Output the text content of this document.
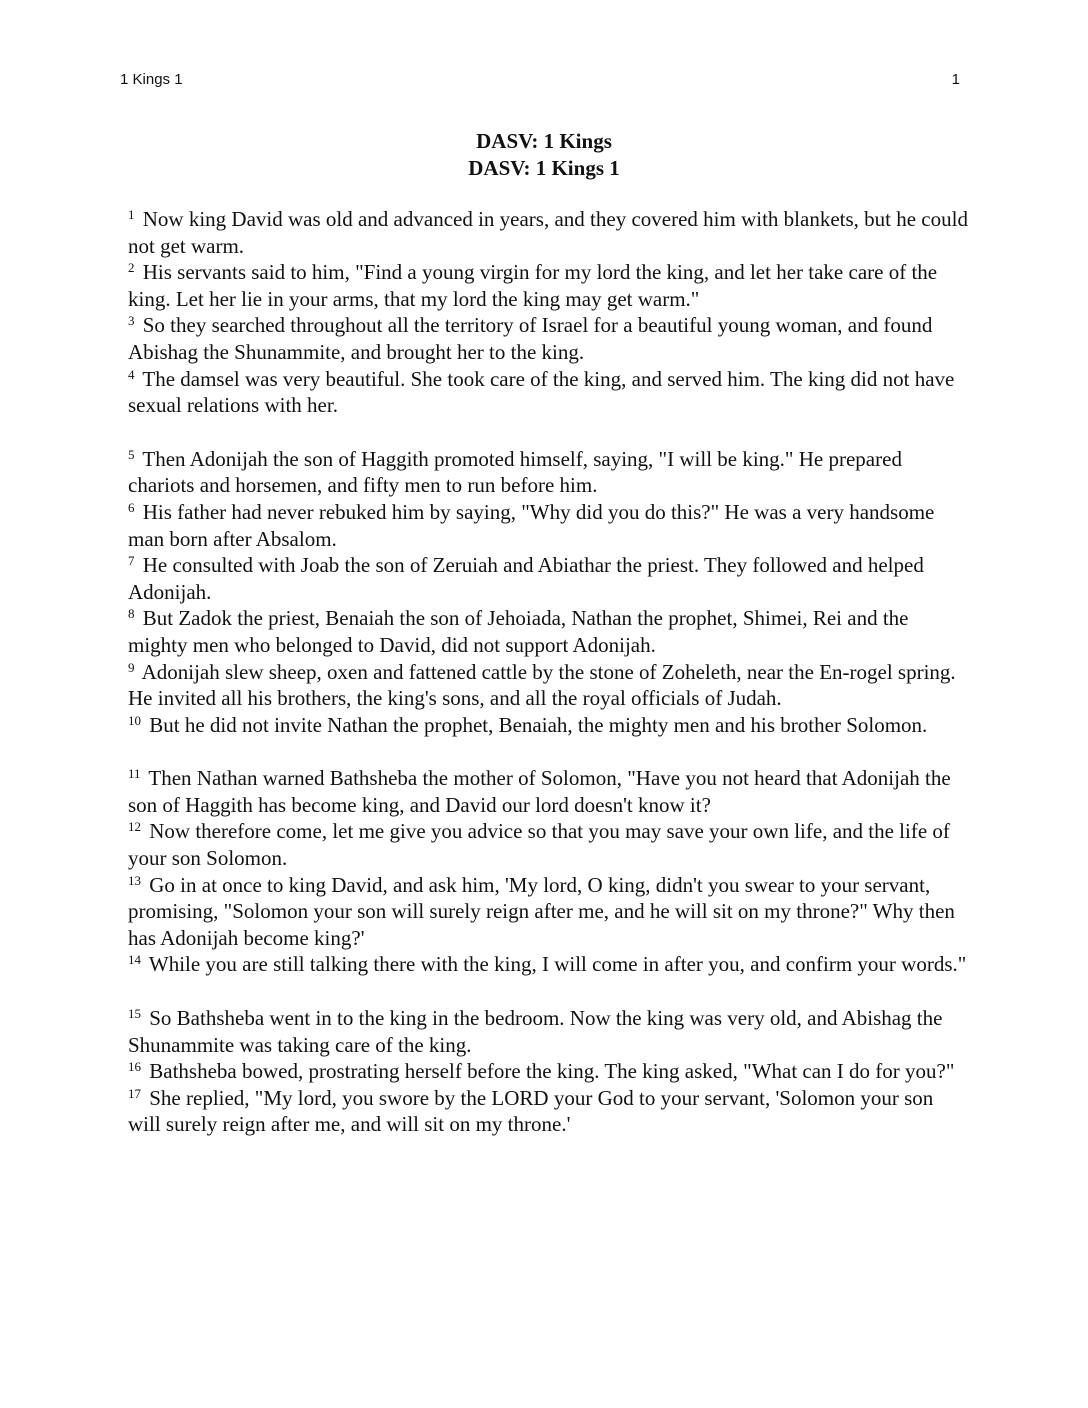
1 Kings 1	1
DASV: 1 Kings
DASV: 1 Kings 1

$^1$ Now king David was old and advanced in years, and they covered him with blankets, but he could not get warm.

$^2$ His servants said to him, "Find a young virgin for my lord the king, and let her take care of the king. Let her lie in your arms, that my lord the king may get warm."

$^3$ So they searched throughout all the territory of Israel for a beautiful young woman, and found Abishag the Shunammite, and brought her to the king.

$^4$ The damsel was very beautiful. She took care of the king, and served him. The king did not have sexual relations with her.

$^5$ Then Adonijah the son of Haggith promoted himself, saying, "I will be king." He prepared chariots and horsemen, and fifty men to run before him.

$^6$ His father had never rebuked him by saying, "Why did you do this?" He was a very handsome man born after Absalom.

$^7$ He consulted with Joab the son of Zeruiah and Abiathar the priest. They followed and helped Adonijah.

$^8$ But Zadok the priest, Benaiah the son of Jehoiada, Nathan the prophet, Shimei, Rei and the mighty men who belonged to David, did not support Adonijah.

$^9$ Adonijah slew sheep, oxen and fattened cattle by the stone of Zoheleth, near the En-rogel spring. He invited all his brothers, the king's sons, and all the royal officials of Judah.

$^{10}$ But he did not invite Nathan the prophet, Benaiah, the mighty men and his brother Solomon.

$^{11}$ Then Nathan warned Bathsheba the mother of Solomon, "Have you not heard that Adonijah the son of Haggith has become king, and David our lord doesn't know it?

$^{12}$ Now therefore come, let me give you advice so that you may save your own life, and the life of your son Solomon.

$^{13}$ Go in at once to king David, and ask him, 'My lord, O king, didn't you swear to your servant, promising, "Solomon your son will surely reign after me, and he will sit on my throne?" Why then has Adonijah become king?'

$^{14}$ While you are still talking there with the king, I will come in after you, and confirm your words."

$^{15}$ So Bathsheba went in to the king in the bedroom. Now the king was very old, and Abishag the Shunammite was taking care of the king.

$^{16}$ Bathsheba bowed, prostrating herself before the king. The king asked, "What can I do for you?"

$^{17}$ She replied, "My lord, you swore by the LORD your God to your servant, 'Solomon your son will surely reign after me, and will sit on my throne.'
